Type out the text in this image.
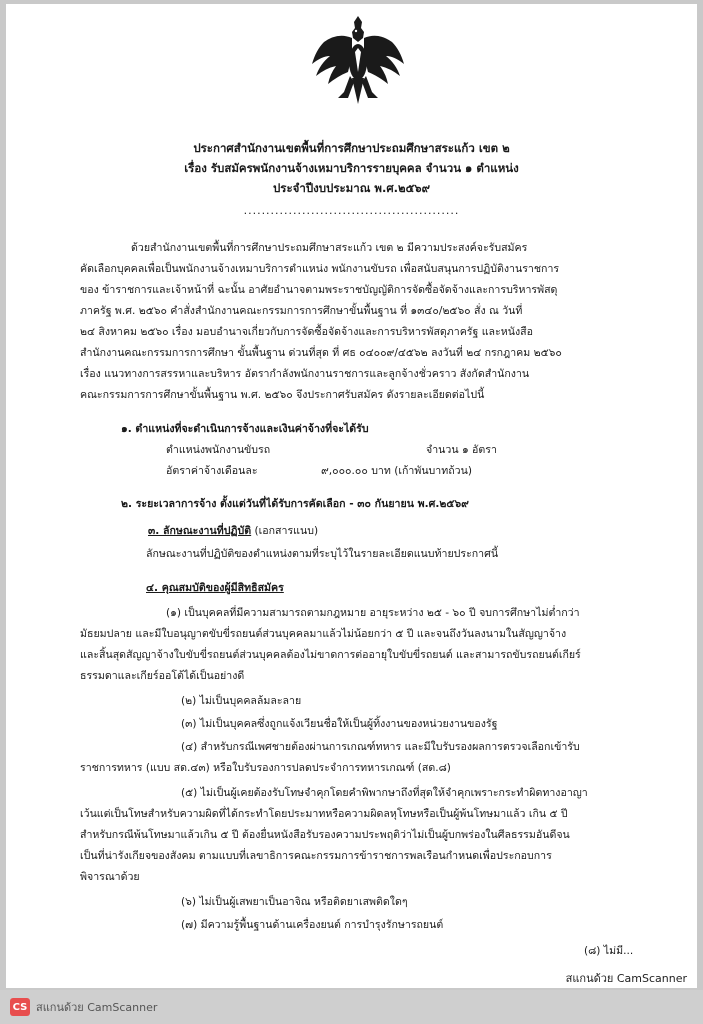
ประกาศสำนักงานเขตพื้นที่การศึกษาประถมศึกษาสระแก้ว เขต ๒
เรื่อง รับสมัครพนักงานจ้างเหมาบริการรายบุคคล จำนวน ๑ ตำแหน่ง
ประจำปีงบประมาณ พ.ศ.๒๕๖๙
................................................
ด้วยสำนักงานเขตพื้นที่การศึกษาประถมศึกษาสระแก้ว เขต ๒ มีความประสงค์จะรับสมัคร
คัดเลือกบุคคลเพื่อเป็นพนักงานจ้างเหมาบริการตำแหน่ง พนักงานขับรถ เพื่อสนับสนุนการปฏิบัติงานราชการ
ของ ข้าราชการและเจ้าหน้าที่ ฉะนั้น อาศัยอำนาจตามพระราชบัญญัติการจัดซื้อจัดจ้างและการบริหารพัสดุ
ภาครัฐ พ.ศ. ๒๕๖๐ คำสั่งสำนักงานคณะกรรมการการศึกษาขั้นพื้นฐาน ที่ ๑๓๔๐/๒๕๖๐ สั่ง ณ วันที่
๒๔ สิงหาคม ๒๕๖๐ เรื่อง มอบอำนาจเกี่ยวกับการจัดซื้อจัดจ้างและการบริหารพัสดุภาครัฐ และหนังสือ
สำนักงานคณะกรรมการการศึกษา ขั้นพื้นฐาน ด่วนที่สุด ที่ ศธ ๐๔๐๐๙/๔๕๖๒ ลงวันที่ ๒๔ กรกฎาคม ๒๕๖๐
เรื่อง แนวทางการสรรหาและบริหาร อัตรากำลังพนักงานราชการและลูกจ้างชั่วคราว สังกัดสำนักงาน
คณะกรรมการการศึกษาขั้นพื้นฐาน พ.ศ. ๒๕๖๐ จึงประกาศรับสมัคร ดังรายละเอียดต่อไปนี้
๑. ตำแหน่งที่จะดำเนินการจ้างและเงินค่าจ้างที่จะได้รับ
ตำแหน่งพนักงานขับรถ	จำนวน ๑ อัตรา
อัตราค่าจ้างเดือนละ	๙,๐๐๐.๐๐ บาท (เก้าพันบาทถ้วน)
๒. ระยะเวลาการจ้าง ตั้งแต่วันที่ได้รับการคัดเลือก - ๓๐ กันยายน พ.ศ.๒๕๖๙
๓. ลักษณะงานที่ปฏิบัติ (เอกสารแนบ)
ลักษณะงานที่ปฏิบัติของตำแหน่งตามที่ระบุไว้ในรายละเอียดแนบท้ายประกาศนี้
๔. คุณสมบัติของผู้มีสิทธิสมัคร
(๑) เป็นบุคคลที่มีความสามารถตามกฎหมาย อายุระหว่าง ๒๕ - ๖๐ ปี จบการศึกษาไม่ต่ำกว่า
มัธยมปลาย และมีใบอนุญาตขับขี่รถยนต์ส่วนบุคคลมาแล้วไม่น้อยกว่า ๕ ปี และจนถึงวันลงนามในสัญญาจ้าง
และสิ้นสุดสัญญาจ้างใบขับขี่รถยนต์ส่วนบุคคลต้องไม่ขาดการต่ออายุใบขับขี่รถยนต์ และสามารถขับรถยนต์เกียร์
ธรรมดาและเกียร์ออโต้ได้เป็นอย่างดี
(๒) ไม่เป็นบุคคลล้มละลาย
(๓) ไม่เป็นบุคคลซึ่งถูกแจ้งเวียนชื่อให้เป็นผู้ทิ้งงานของหน่วยงานของรัฐ
(๔) สำหรับกรณีเพศชายต้องผ่านการเกณฑ์ทหาร และมีใบรับรองผลการตรวจเลือกเข้ารับ
ราชการทหาร (แบบ สด.๔๓) หรือใบรับรองการปลดประจำการทหารเกณฑ์ (สด.๘)
(๕) ไม่เป็นผู้เคยต้องรับโทษจำคุกโดยคำพิพากษาถึงที่สุดให้จำคุกเพราะกระทำผิดทางอาญา
เว้นแต่เป็นโทษสำหรับความผิดที่ได้กระทำโดยประมาทหรือความผิดลหุโทษหรือเป็นผู้พ้นโทษมาแล้ว เกิน ๕ ปี
สำหรับกรณีพ้นโทษมาแล้วเกิน ๕ ปี ต้องยื่นหนังสือรับรองความประพฤติว่าไม่เป็นผู้บกพร่องในศีลธรรมอันดีจน
เป็นที่น่ารังเกียจของสังคม ตามแบบที่เลขาธิการคณะกรรมการข้าราชการพลเรือนกำหนดเพื่อประกอบการ
พิจารณาด้วย
(๖) ไม่เป็นผู้เสพยาเป็นอาจิณ หรือติดยาเสพติดใดๆ
(๗) มีความรู้พื้นฐานด้านเครื่องยนต์ การบำรุงรักษารถยนต์
(๘) ไม่มี...
สแกนด้วย CamScanner
CS สแกนด้วย CamScanner
